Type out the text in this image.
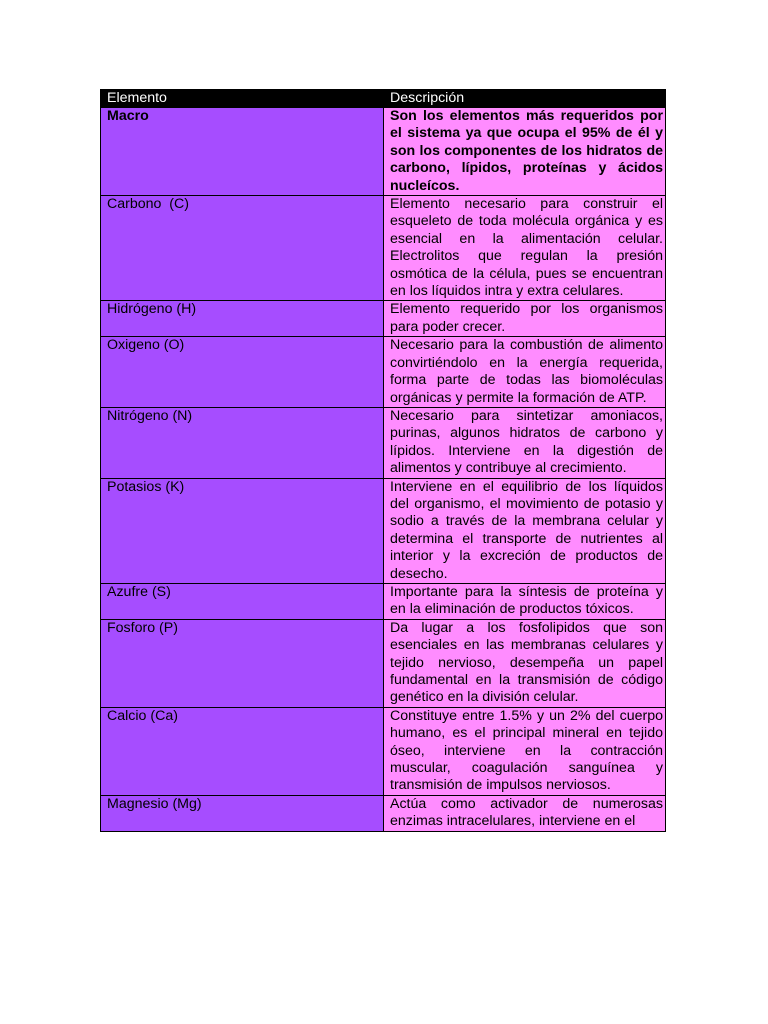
Elemento	Descripción
Macro	Son los elementos más requeridos por el sistema ya que ocupa el 95% de él y son los componentes de los hidratos de carbono, lípidos, proteínas y ácidos nucleícos.
Carbono  (C)	Elemento necesario para construir el esqueleto de toda molécula orgánica y es esencial en la alimentación celular. Electrolitos que regulan la presión osmótica de la célula, pues se encuentran en los líquidos intra y extra celulares.
Hidrógeno (H)	Elemento requerido por los organismos para poder crecer.
Oxigeno (O)	Necesario para la combustión de alimento convirtiéndolo en la energía requerida, forma parte de todas las biomoléculas orgánicas y permite la formación de ATP.
Nitrógeno (N)	Necesario para sintetizar amoniacos, purinas, algunos hidratos de carbono y lípidos. Interviene en la digestión de alimentos y contribuye al crecimiento.
Potasios (K)	Interviene en el equilibrio de los líquidos del organismo, el movimiento de potasio y sodio a través de la membrana celular y determina el transporte de nutrientes al interior y la excreción de productos de desecho.
Azufre (S)	Importante para la síntesis de proteína y en la eliminación de productos tóxicos.
Fosforo (P)	Da lugar a los fosfolipidos que son esenciales en las membranas celulares y tejido nervioso, desempeña un papel fundamental en la transmisión de código genético en la división celular.
Calcio (Ca)	Constituye entre 1.5% y un 2% del cuerpo humano, es el principal mineral en tejido óseo, interviene en la contracción muscular, coagulación sanguínea y transmisión de impulsos nerviosos.
Magnesio (Mg)	Actúa como activador de numerosas enzimas intracelulares, interviene en el
